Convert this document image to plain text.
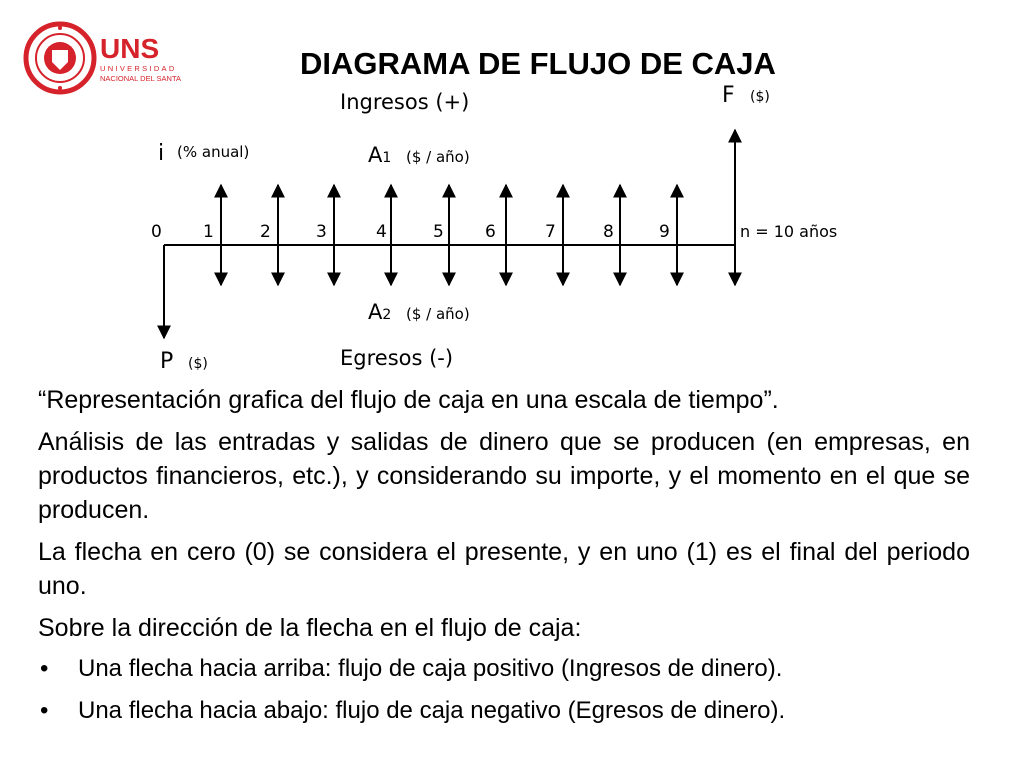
UNS
UNIVERSIDAD
NACIONAL DEL SANTA	DIAGRAMA DE FLUJO DE CAJA
Ingresos (+)
Egresos (-)
i (% anual)	A1 ($ / año)
A2 ($ / año)
F ($)
P ($)
0 1	2	3	4	5 6	7	8	9	n = 10 años

“Representación grafica del flujo de caja en una escala de tiempo”.

Análisis de las entradas y salidas de dinero que se producen (en empresas, en productos financieros, etc.), y considerando su importe, y el momento en el que se producen.

La flecha en cero (0) se considera el presente, y en uno (1) es el final del periodo uno.

Sobre la dirección de la flecha en el flujo de caja:

• Una flecha hacia arriba: flujo de caja positivo (Ingresos de dinero).
• Una flecha hacia abajo: flujo de caja negativo (Egresos de dinero).
